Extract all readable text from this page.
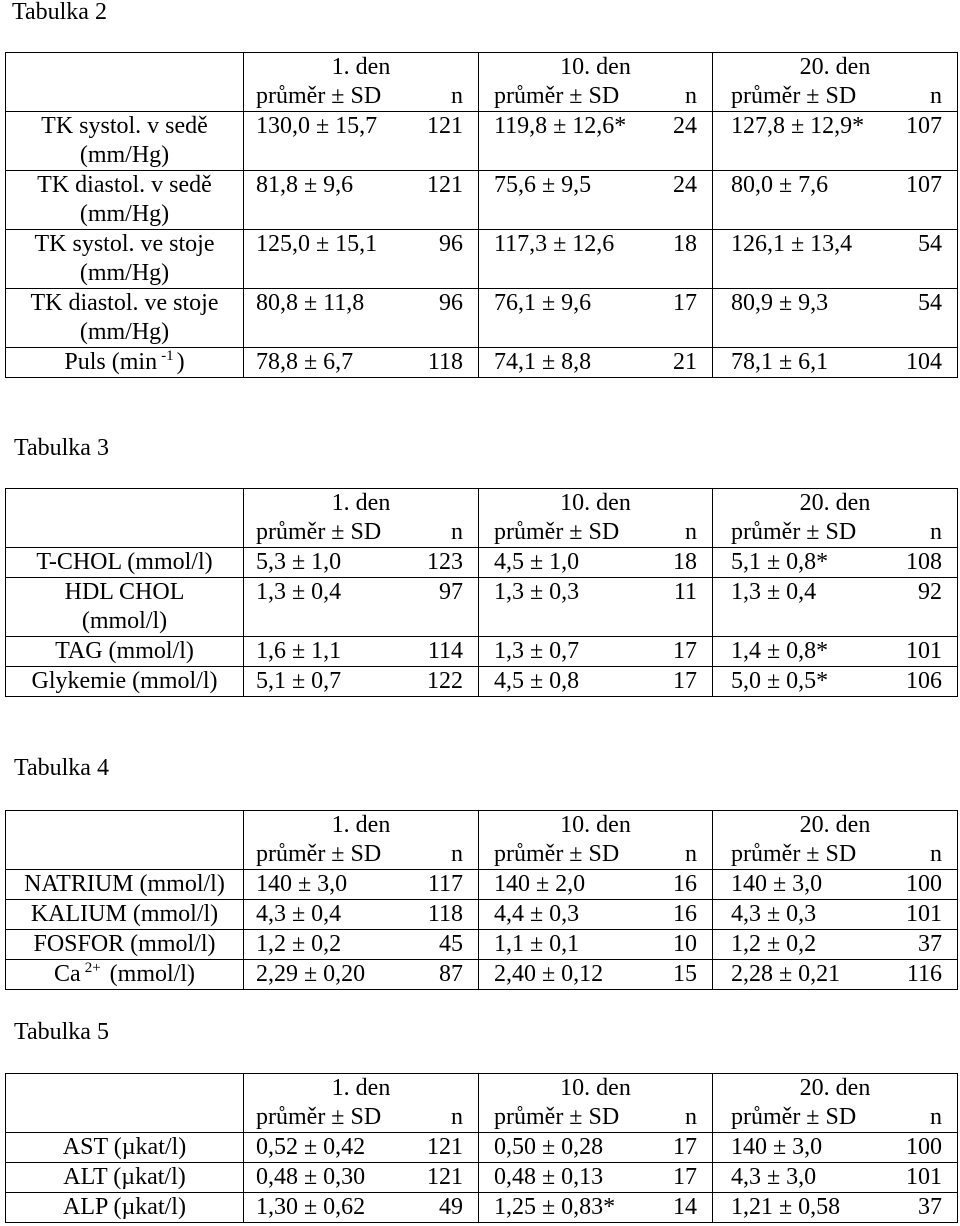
Tabulka 2
	1. den		10. den		20. den	
	průměr ± SD	n	průměr ± SD	n	průměr ± SD	n

TK systol. v sedě
(mm/Hg)	130,0 ± 15,7	121	119,8 ± 12,6*	24	127,8 ± 12,9*	107

TK diastol. v sedě
(mm/Hg)	81,8 ± 9,6	121	75,6 ± 9,5	24	80,0 ± 7,6	107

TK systol. ve stoje
(mm/Hg)	125,0 ± 15,1	96	117,3 ± 12,6	18	126,1 ± 13,4	54

TK diastol. ve stoje
(mm/Hg)	80,8 ± 11,8	96	76,1 ± 9,6	17	80,9 ± 9,3	54

Puls (min $^{-1}$ )	78,8 ± 6,7	118	74,1 ± 8,8	21	78,1 ± 6,1	104
Tabulka 3
	1. den		10. den		20. den	
	průměr ± SD	n	průměr ± SD	n	průměr ± SD	n

T-CHOL (mmol/l)	5,3 ± 1,0	123	4,5 ± 1,0	18	5,1 ± 0,8*	108

HDL CHOL
(mmol/l)	1,3 ± 0,4	97	1,3 ± 0,3	11	1,3 ± 0,4	92

TAG (mmol/l)	1,6 ± 1,1	114	1,3 ± 0,7	17	1,4 ± 0,8*	101

Glykemie (mmol/l)	5,1 ± 0,7	122	4,5 ± 0,8	17	5,0 ± 0,5*	106
Tabulka 4
	1. den		10. den		20. den	
	průměr ± SD	n	průměr ± SD	n	průměr ± SD	n

NATRIUM (mmol/l)	140 ± 3,0	117	140 ± 2,0	16	140 ± 3,0	100

KALIUM (mmol/l)	4,3 ± 0,4	118	4,4 ± 0,3	16	4,3 ± 0,3	101

FOSFOR (mmol/l)	1,2 ± 0,2	45	1,1 ± 0,1	10	1,2 ± 0,2	37

Ca $^{2+}$ (mmol/l)	2,29 ± 0,20	87	2,40 ± 0,12	15	2,28 ± 0,21	116
Tabulka 5
	1. den		10. den		20. den	
	průměr ± SD	n	průměr ± SD	n	průměr ± SD	n

AST (µkat/l)	0,52 ± 0,42	121	0,50 ± 0,28	17	140 ± 3,0	100

ALT (µkat/l)	0,48 ± 0,30	121	0,48 ± 0,13	17	4,3 ± 3,0	101

ALP (µkat/l)	1,30 ± 0,62	49	1,25 ± 0,83*	14	1,21 ± 0,58	37
